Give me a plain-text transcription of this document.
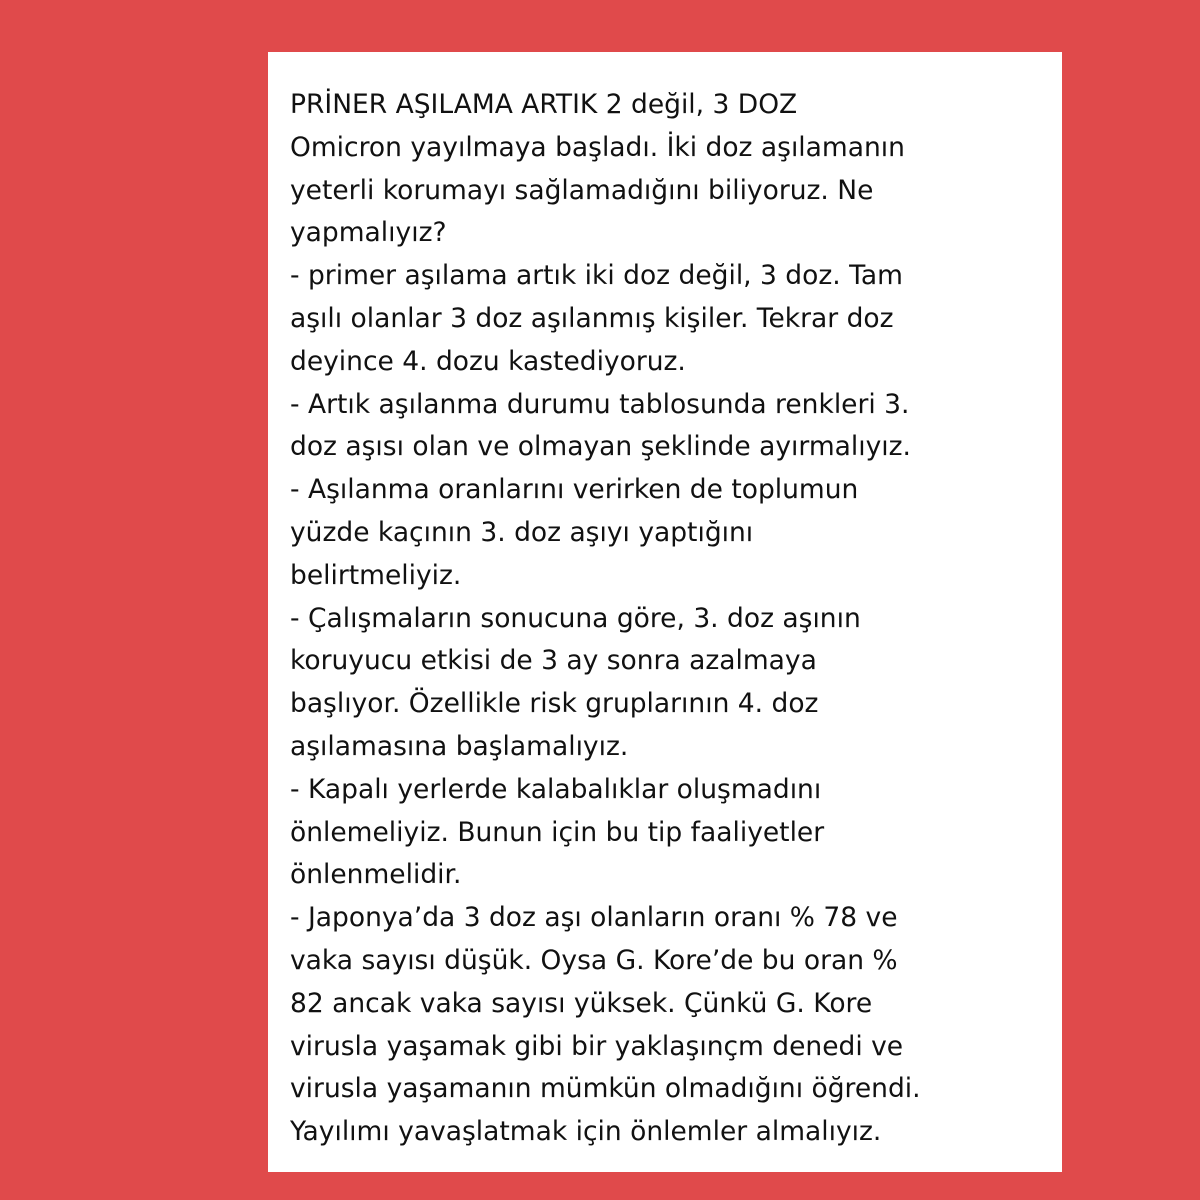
PRİNER AŞILAMA ARTIK 2 değil, 3 DOZ
Omicron yayılmaya başladı. İki doz aşılamanın
yeterli korumayı sağlamadığını biliyoruz. Ne
yapmalıyız?
- primer aşılama artık iki doz değil, 3 doz. Tam
aşılı olanlar 3 doz aşılanmış kişiler. Tekrar doz
deyince 4. dozu kastediyoruz.
- Artık aşılanma durumu tablosunda renkleri 3.
doz aşısı olan ve olmayan şeklinde ayırmalıyız.
- Aşılanma oranlarını verirken de toplumun
yüzde kaçının 3. doz aşıyı yaptığını
belirtmeliyiz.
- Çalışmaların sonucuna göre, 3. doz aşının
koruyucu etkisi de 3 ay sonra azalmaya
başlıyor. Özellikle risk gruplarının 4. doz
aşılamasına başlamalıyız.
- Kapalı yerlerde kalabalıklar oluşmadını
önlemeliyiz. Bunun için bu tip faaliyetler
önlenmelidir.
- Japonya’da 3 doz aşı olanların oranı % 78 ve
vaka sayısı düşük. Oysa G. Kore’de bu oran %
82 ancak vaka sayısı yüksek. Çünkü G. Kore
virusla yaşamak gibi bir yaklaşınçm denedi ve
virusla yaşamanın mümkün olmadığını öğrendi.
Yayılımı yavaşlatmak için önlemler almalıyız.
